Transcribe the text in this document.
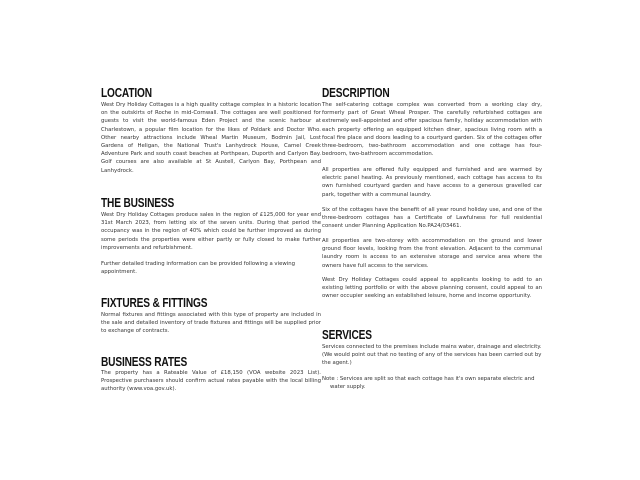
LOCATION

West Dry Holiday Cottages is a high quality cottage complex in a historic location on the outskirts of Roche in mid-Cornwall. The cottages are well positioned for guests to visit the world-famous Eden Project and the scenic harbour at Charlestown, a popular film location for the likes of Poldark and Doctor Who. Other nearby attractions include Wheal Martin Museum, Bodmin Jail, Lost Gardens of Heligan, the National Trust's Lanhydrock House, Camel Creek Adventure Park and south coast beaches at Porthpean, Duporth and Carlyon Bay. Golf courses are also available at St Austell, Carlyon Bay, Porthpean and Lanhydrock.

THE BUSINESS

West Dry Holiday Cottages produce sales in the region of £125,000 for year end 31st March 2023, from letting six of the seven units. During that period the occupancy was in the region of 40% which could be further improved as during some periods the properties were either partly or fully closed to make further improvements and refurbishment.

Further detailed trading information can be provided following a viewing appointment.

FIXTURES & FITTINGS

Normal fixtures and fittings associated with this type of property are included in the sale and detailed inventory of trade fixtures and fittings will be supplied prior to exchange of contracts.

BUSINESS RATES

The property has a Rateable Value of £18,150 (VOA website 2023 List). Prospective purchasers should confirm actual rates payable with the local billing authority (www.voa.gov.uk).

DESCRIPTION

The self-catering cottage complex was converted from a working clay dry, formerly part of Great Wheal Prosper. The carefully refurbished cottages are extremely well-appointed and offer spacious family, holiday accommodation with each property offering an equipped kitchen diner, spacious living room with a focal fire place and doors leading to a courtyard garden. Six of the cottages offer three-bedroom, two-bathroom accommodation and one cottage has four- bedroom, two-bathroom accommodation.

All properties are offered fully equipped and furnished and are warmed by electric panel heating. As previously mentioned, each cottage has access to its own furnished courtyard garden and have access to a generous gravelled car park, together with a communal laundry.

Six of the cottages have the benefit of all year round holiday use, and one of the three-bedroom cottages has a Certificate of Lawfulness for full residential consent under Planning Application No.PA24/03461.

All properties are two-storey with accommodation on the ground and lower ground floor levels, looking from the front elevation. Adjacent to the communal laundry room is access to an extensive storage and service area where the owners have full access to the services.

West Dry Holiday Cottages could appeal to applicants looking to add to an existing letting portfolio or with the above planning consent, could appeal to an owner occupier seeking an established leisure, home and income opportunity.

SERVICES

Services connected to the premises include mains water, drainage and electricity. (We would point out that no testing of any of the services has been carried out by the agent.)

Note : Services are split so that each cottage has it's own separate electric and water supply.
